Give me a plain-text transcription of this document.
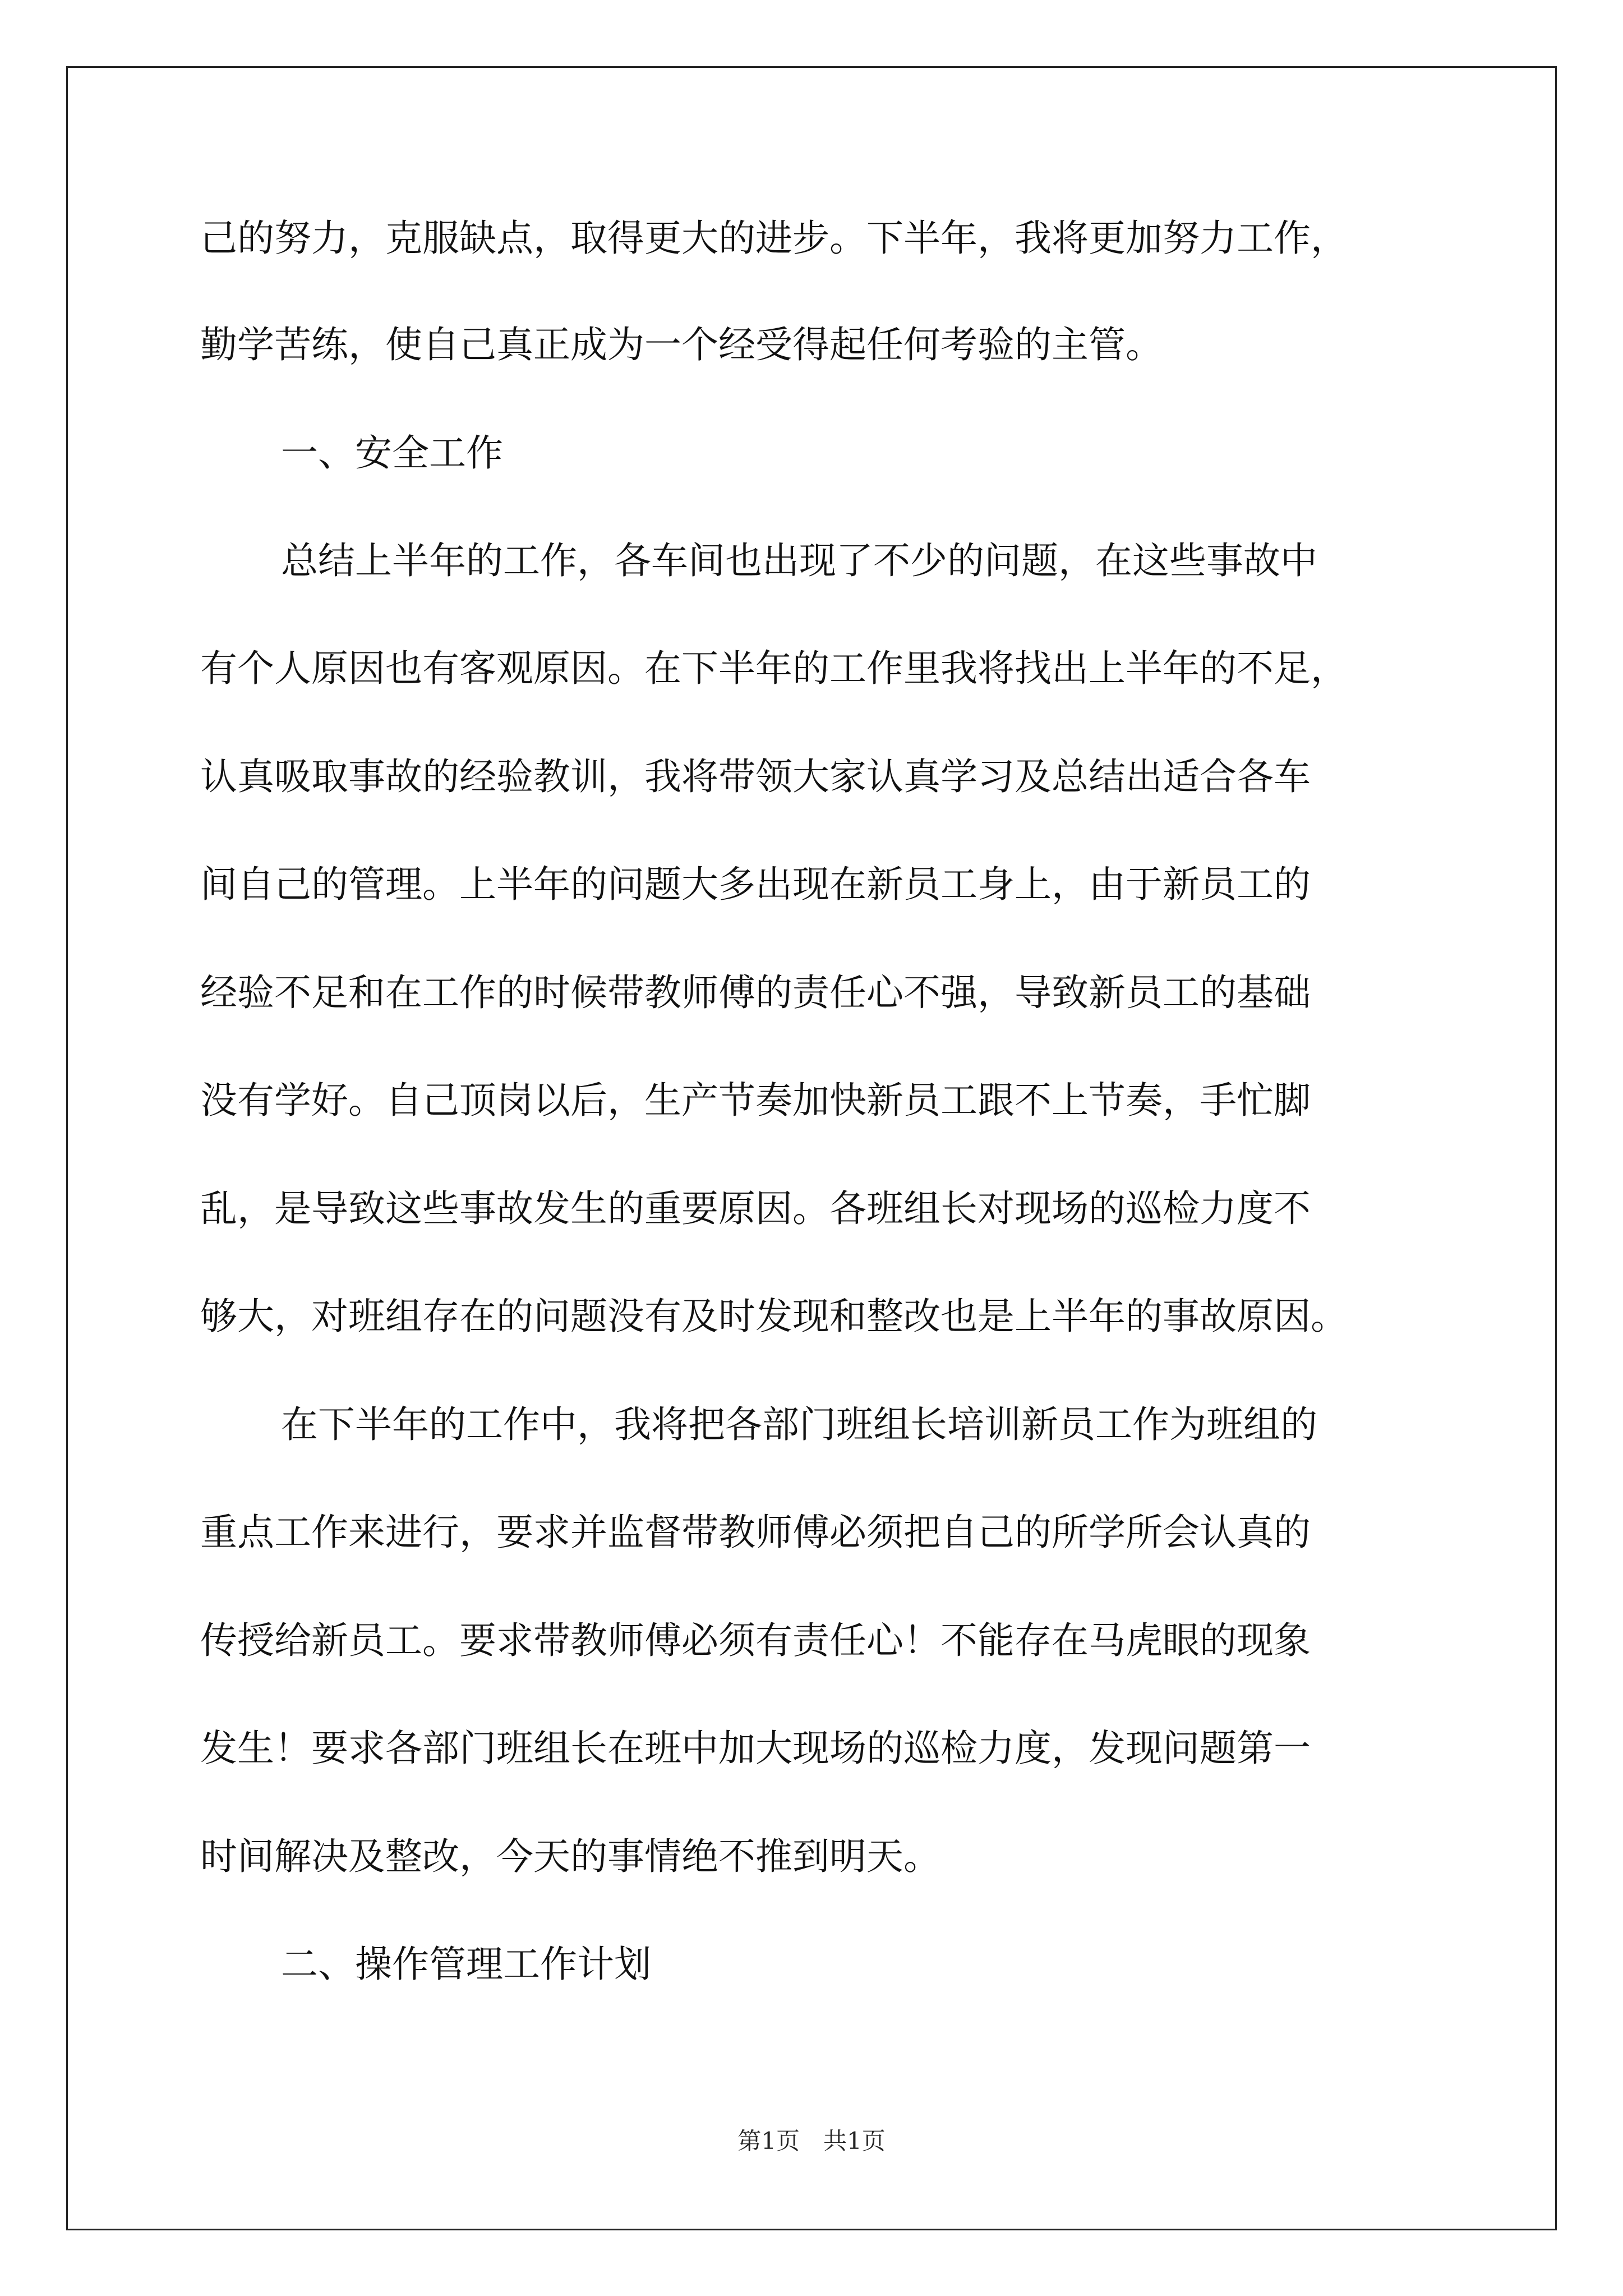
己的努力，克服缺点，取得更大的进步。下半年，我将更加努力工作，
勤学苦练，使自己真正成为一个经受得起任何考验的主管。
一、安全工作
总结上半年的工作，各车间也出现了不少的问题，在这些事故中
有个人原因也有客观原因。在下半年的工作里我将找出上半年的不足，
认真吸取事故的经验教训，我将带领大家认真学习及总结出适合各车
间自己的管理。上半年的问题大多出现在新员工身上，由于新员工的
经验不足和在工作的时候带教师傅的责任心不强，导致新员工的基础
没有学好。自己顶岗以后，生产节奏加快新员工跟不上节奏，手忙脚
乱，是导致这些事故发生的重要原因。各班组长对现场的巡检力度不
够大，对班组存在的问题没有及时发现和整改也是上半年的事故原因。
在下半年的工作中，我将把各部门班组长培训新员工作为班组的
重点工作来进行，要求并监督带教师傅必须把自己的所学所会认真的
传授给新员工。要求带教师傅必须有责任心！不能存在马虎眼的现象
发生！要求各部门班组长在班中加大现场的巡检力度，发现问题第一
时间解决及整改，今天的事情绝不推到明天。
二、操作管理工作计划
第1页　共1页
